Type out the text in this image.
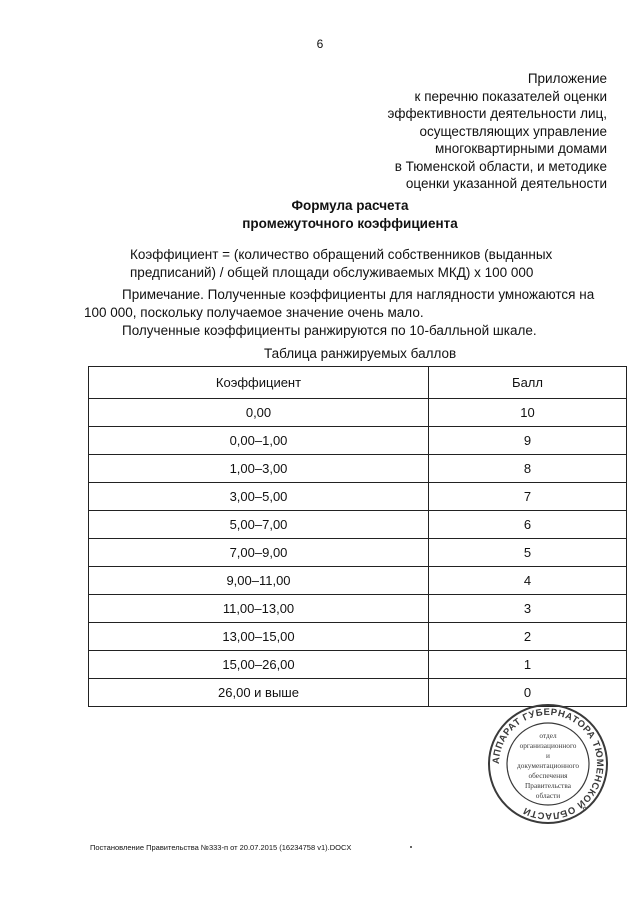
6
Приложение
к перечню показателей оценки
эффективности деятельности лиц,
осуществляющих управление
многоквартирными домами
в Тюменской области, и методике
оценки указанной деятельности
Формула расчета
промежуточного коэффициента
Коэффициент = (количество обращений собственников (выданных предписаний) / общей площади обслуживаемых МКД) х 100 000
Примечание. Полученные коэффициенты для наглядности умножаются на 100 000, поскольку получаемое значение очень мало.
Полученные коэффициенты ранжируются по 10-балльной шкале.
Таблица ранжируемых баллов
Коэффициент	Балл
0,00	10
0,00–1,00	9
1,00–3,00	8
3,00–5,00	7
5,00–7,00	6
7,00–9,00	5
9,00–11,00	4
11,00–13,00	3
13,00–15,00	2
15,00–26,00	1
26,00 и выше	0
АППАРАТ ГУБЕРНАТОРА ТЮМЕНСКОЙ ОБЛАСТИ
отдел
организационного
и
документационного
обеспечения
Правительства
области
Постановление Правительства №333-п от 20.07.2015 (16234758 v1).DOCX
